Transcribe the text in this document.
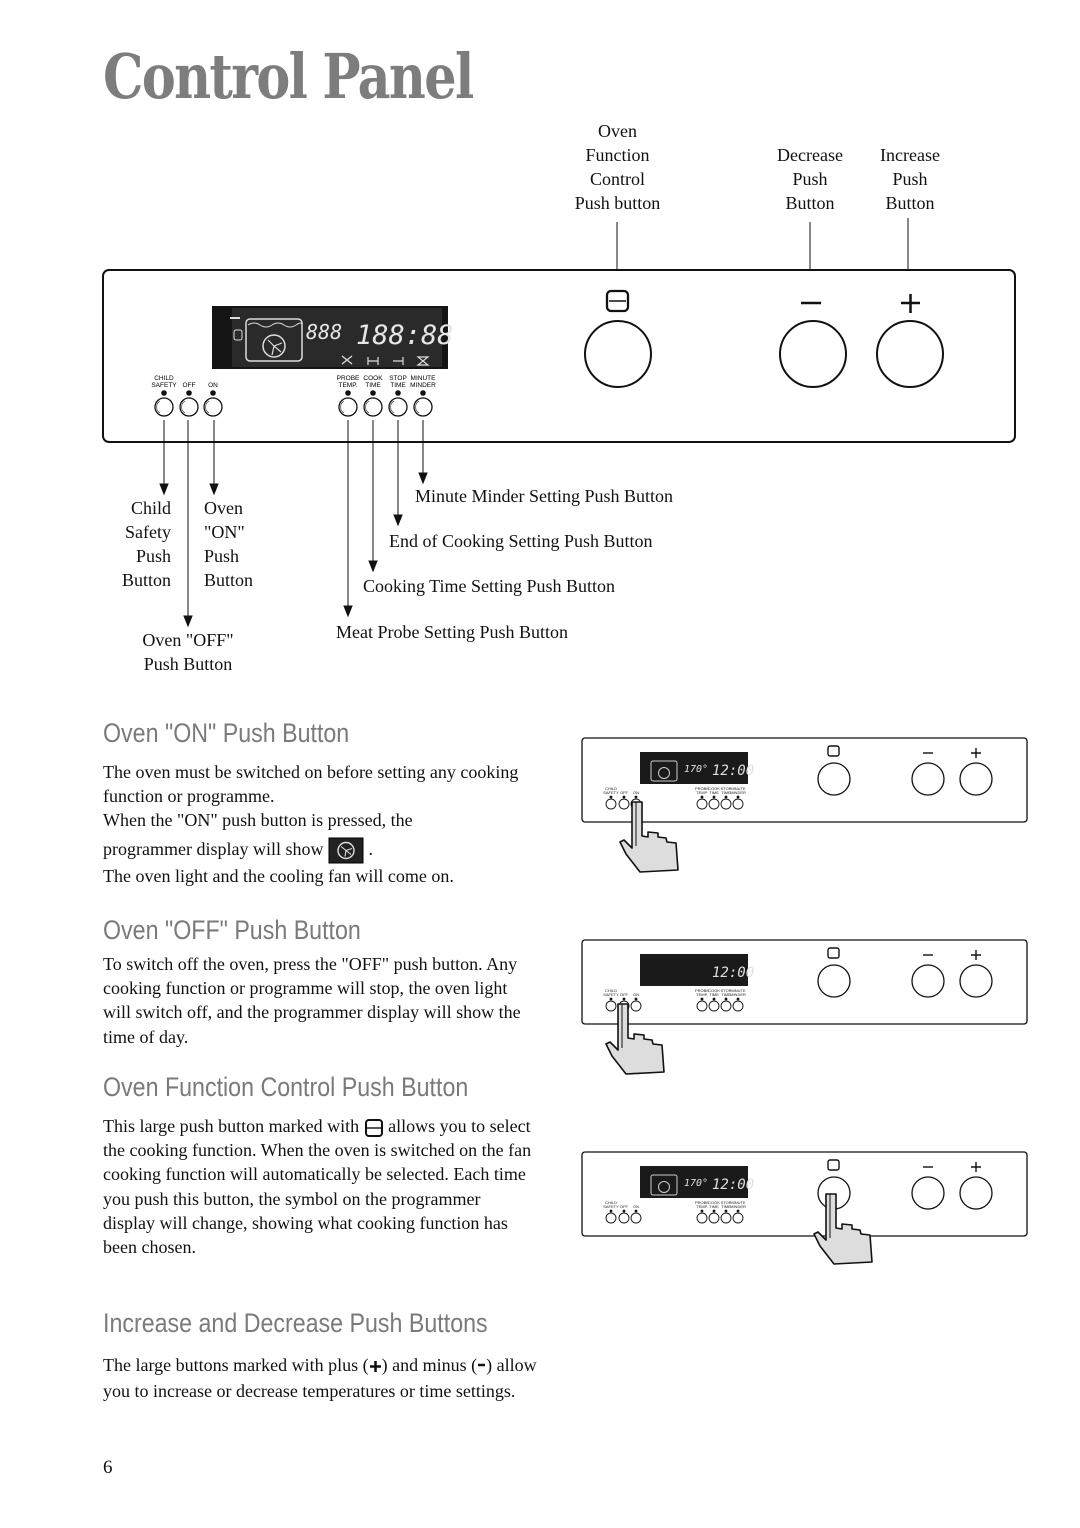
Control Panel
Oven
Function
Control
Push button
Decrease
Push
Button
Increase
Push
Button
888 188:88
CHILD
SAFETY OFF ON
PROBE
TEMP.
COOK
TIME
STOP
TIME
MINUTE
MINDER
Child
Safety
Push
Button
Oven
"ON"
Push
Button
Oven "OFF"
Push Button
Minute Minder Setting Push Button
End of Cooking Setting Push Button
Cooking Time Setting Push Button
Meat Probe Setting Push Button
Oven "ON" Push Button

The oven must be switched on before setting any cooking function or programme.

When the "ON" push button is pressed, the

programmer display will show	.

The oven light and the cooling fan will come on.

Oven "OFF" Push Button

To switch off the oven, press the "OFF" push button. Any cooking function or programme will stop, the oven light will switch off, and the programmer display will show the time of day.

Oven Function Control Push Button

This large push button marked with allows you to select the cooking function. When the oven is switched on the fan cooking function will automatically be selected. Each time you push this button, the symbol on the programmer display will change, showing what cooking function has been chosen.

Increase and Decrease Push Buttons

The large buttons marked with plus ( ) and minus ( ) allow you to increase or decrease temperatures or time settings.

170° 12:00
CHILD
SAFETY OFF ON
PROBE
TEMP.
COOK
TIME
STOP
TIME
MINUTE
MINDER
12:00
CHILD
SAFETY OFF ON
PROBE
TEMP.
COOK
TIME
STOP
TIME
MINUTE
MINDER
170° 12:00
CHILD
SAFETY OFF ON
PROBE
TEMP.
COOK
TIME
STOP
TIME
MINUTE
MINDER
6
